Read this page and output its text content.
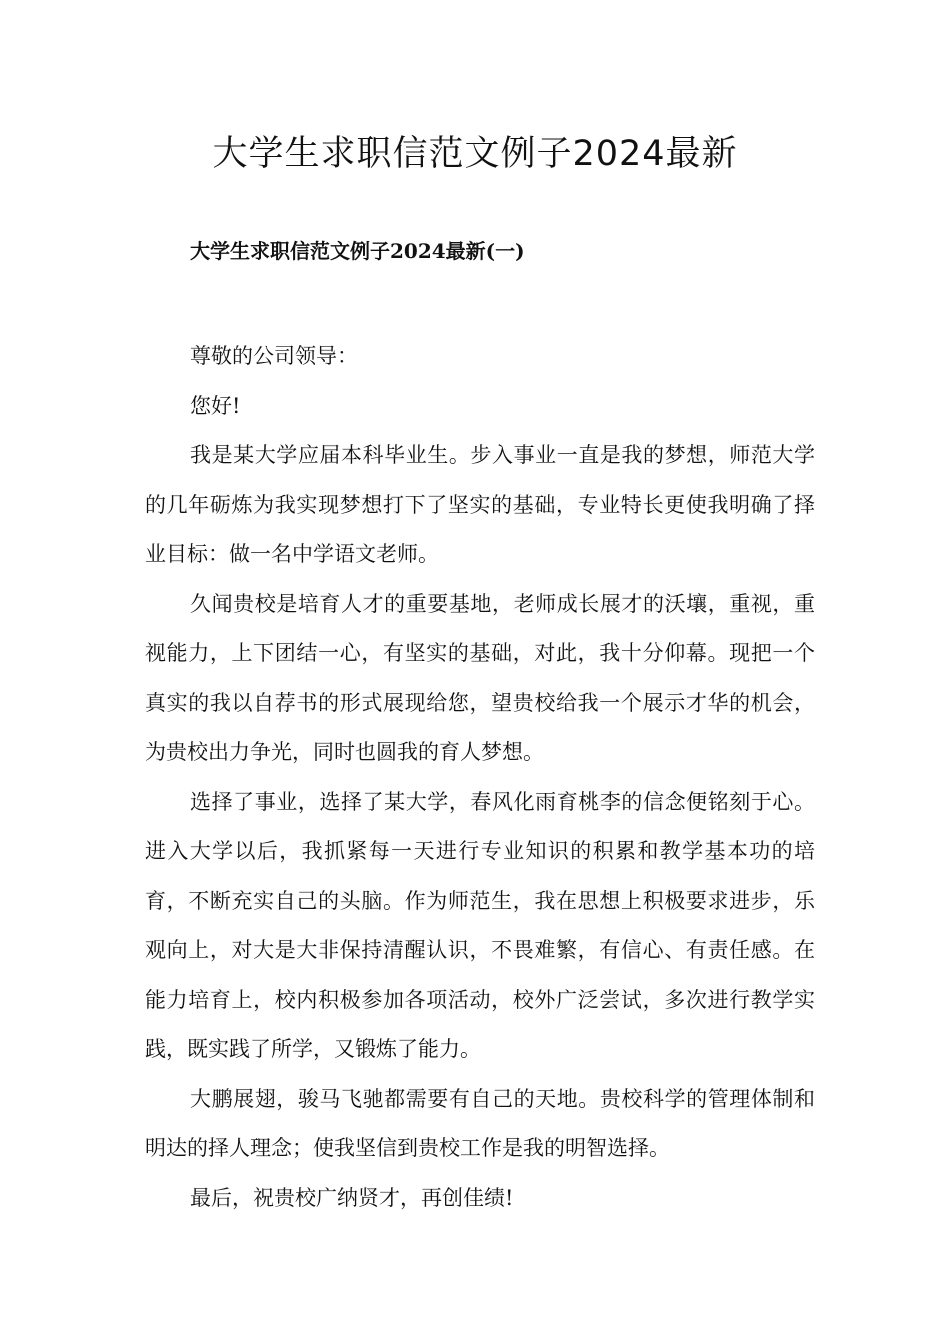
大学生求职信范文例子2024最新
大学生求职信范文例子2024最新(一)

尊敬的公司领导：

您好!

我是某大学应届本科毕业生。步入事业一直是我的梦想，师范大学的几年砺炼为我实现梦想打下了坚实的基础，专业特长更使我明确了择业目标：做一名中学语文老师。

久闻贵校是培育人才的重要基地，老师成长展才的沃壤，重视，重视能力，上下团结一心，有坚实的基础，对此，我十分仰幕。现把一个真实的我以自荐书的形式展现给您，望贵校给我一个展示才华的机会，为贵校出力争光，同时也圆我的育人梦想。

选择了事业，选择了某大学，春风化雨育桃李的信念便铭刻于心。进入大学以后，我抓紧每一天进行专业知识的积累和教学基本功的培育，不断充实自己的头脑。作为师范生，我在思想上积极要求进步，乐观向上，对大是大非保持清醒认识，不畏难繁，有信心、有责任感。在能力培育上，校内积极参加各项活动，校外广泛尝试，多次进行教学实践，既实践了所学，又锻炼了能力。

大鹏展翅，骏马飞驰都需要有自己的天地。贵校科学的管理体制和明达的择人理念；使我坚信到贵校工作是我的明智选择。

最后，祝贵校广纳贤才，再创佳绩!
